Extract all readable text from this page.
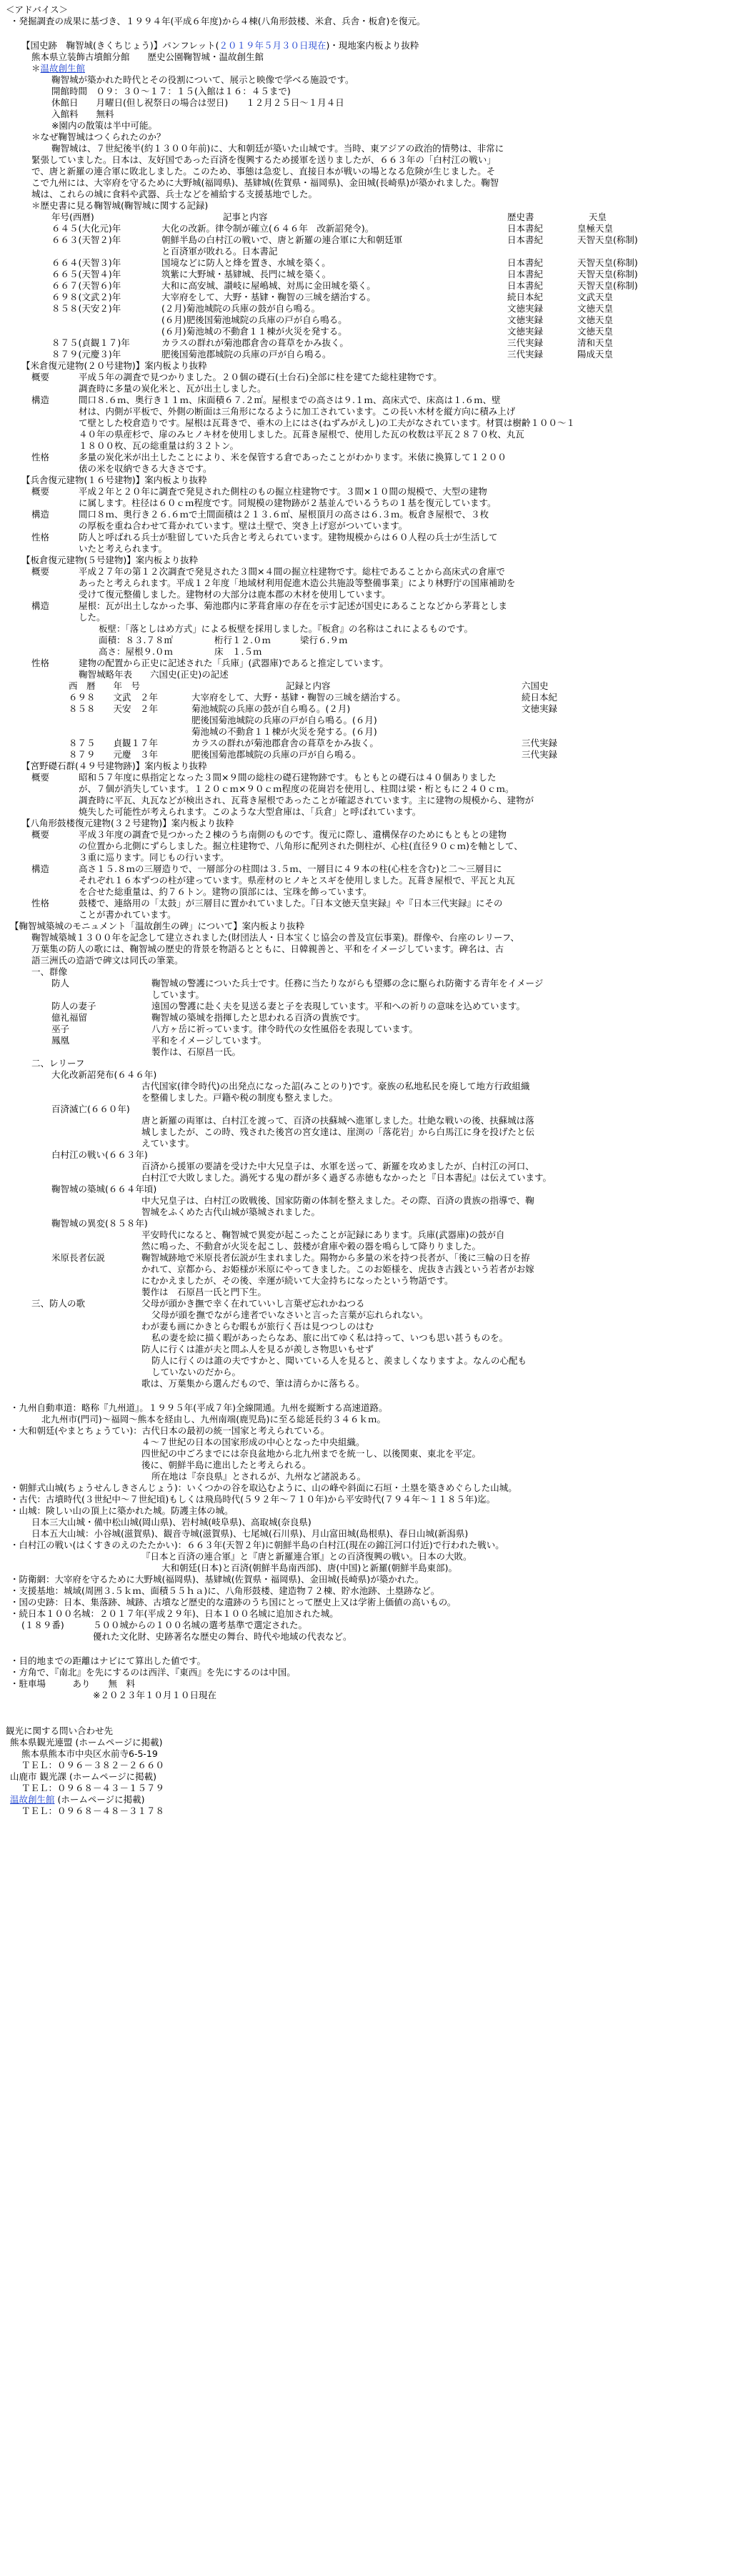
＜アドバイス＞
・発掘調査の成果に基づき、１９９４年(平成６年度)から４棟(八角形鼓楼、米倉、兵舎・板倉)を復元。
【国史跡　鞠智城(きくちじょう)】パンフレット(２０１９年５月３０日現在)・現地案内板より抜粋
熊本県立装飾古墳館分館　　歴史公園鞠智城・温故創生館
＊温故創生館
鞠智城が築かれた時代とその役割について、展示と映像で学べる施設です。
開館時間　０９：３０～１７：１５(入館は１６：４５まで)
休館日　　月曜日(但し祝祭日の場合は翌日)　　１２月２５日～１月４日
入館料　　無料
※園内の散策は半中可能。
＊なぜ鞠智城はつくられたのか？
鞠智城は、７世紀後半(約１３００年前)に、大和朝廷が築いた山城です。当時、東アジアの政治的情勢は、非常に
緊張していました。日本は、友好国であった百済を復興するため援軍を送りましたが、６６３年の「白村江の戦い」
で、唐と新羅の連合軍に敗北しました。このため、事態は急変し、直接日本が戦いの場となる危険が生じました。そ
こで九州には、大宰府を守るために大野城(福岡県)、基肄城(佐賀県・福岡県)、金田城(長崎県)が築かれました。鞠智
城は、これらの城に食料や武器、兵士などを補給する支援基地でした。
＊歴史書に見る鞠智城(鞠智城に関する記録)
年号(西暦)	記事と内容	歴史書	天皇
６４５(大化元)年	大化の改新。律令制が確立(６４６年　改新詔発令)。	日本書紀	皇極天皇
６６３(天智２)年	朝鮮半島の白村江の戦いで、唐と新羅の連合軍に大和朝廷軍	日本書紀	天智天皇(称制)
と百済軍が敗れる。日本書記
６６４(天智３)年	国境などに防人と烽を置き、水城を築く。	日本書紀	天智天皇(称制)
６６５(天智４)年	筑紫に大野城・基肄城、長門に城を築く。	日本書紀	天智天皇(称制)
６６７(天智６)年	大和に高安城、讃岐に屋嶋城、対馬に金田城を築く。	日本書紀	天智天皇(称制)
６９８(文武２)年	大宰府をして、大野・基肄・鞠智の三城を繕治する。	続日本紀	文武天皇
８５８(天安２)年	(２月)菊池城院の兵庫の鼓が自ら鳴る。	文徳実録	文徳天皇
(６月)肥後国菊池城院の兵庫の戸が自ら鳴る。	文徳実録	文徳天皇
(６月)菊池城の不動倉１１棟が火災を発する。	文徳実録	文徳天皇
８７５(貞観１７)年	カラスの群れが菊池郡倉舎の葺草をかみ抜く。	三代実録	清和天皇
８７９(元慶３)年	肥後国菊池郡城院の兵庫の戸が自ら鳴る。	三代実録	陽成天皇
【米倉復元建物(２０号建物)】案内板より抜粋
概要	平成５年の調査で見つかりました。２０個の礎石(土台石)全部に柱を建てた総柱建物です。
調査時に多量の炭化米と、瓦が出土しました。
構造	間口８.６ｍ、奥行き１１ｍ、床面積６７.２㎡。屋根までの高さは９.１ｍ、高床式で、床高は１.６ｍ、壁
材は、内側が平板で、外側の断面は三角形になるように加工されています。この長い木材を縦方向に積み上げ
て壁とした校倉造りです。屋根は瓦葺きで、垂木の上にはさ(ねずみがえし)の工夫がなされています。材質は樹齢１００～１
４０年の県産杉で、扉のみヒノキ材を使用しました。瓦葺き屋根で、使用した瓦の枚数は平瓦２８７０枚、丸瓦
１８００枚、瓦の総重量は約３２トン。
性格	多量の炭化米が出土したことにより、米を保管する倉であったことがわかります。米俵に換算して１２００
俵の米を収納できる大きさです。
【兵舎復元建物(１６号建物)】案内板より抜粋
概要	平成２年と２０年に調査で発見された側柱のもの掘立柱建物です。３間×１０間の規模で、大型の建物
に属します。柱径は６０ｃｍ程度です。同規模の建物跡が２基並んでいるうちの１基を復元しています。
構造	間口８ｍ、奥行き２６.６ｍで土間面積は２１３.６㎡、屋根頂月の高さは６.３ｍ。板倉き屋根で、３枚
の厚板を重ね合わせて葺かれています。壁は土壁で、突き上げ窓がついています。
性格	防人と呼ばれる兵士が駐留していた兵舎と考えられています。建物規模からは６０人程の兵士が生活して
いたと考えられます。
【板倉復元建物(５号建物)】案内板より抜粋
概要	平成２７年の第１２次調査で発見された３間×４間の掘立柱建物です。総柱であることから高床式の倉庫で
あったと考えられます。平成１２年度「地域材利用促進木造公共施設等整備事業」により林野庁の国庫補助を
受けて復元整備しました。建物材の大部分は鹿本郡の木材を使用しています。
構造	屋根：瓦が出土しなかった事、菊池郡内に茅葺倉庫の存在を示す記述が国史にあることなどから茅葺としま
した。
板壁：「落としはめ方式」による板壁を採用しました。『板倉』の名称はこれによるものです。
面積：８３.７８㎡	桁行１２.０ｍ	梁行６.９ｍ
高さ：屋根９.０ｍ	床　１.５ｍ
性格	建物の配置から正史に記述された「兵庫」(武器庫)であると推定しています。
鞠智城略年表　　六国史(正史)の記述
西　暦　　年　号	記録と内容	六国史
６９８　　文武　２年	大宰府をして、大野・基肄・鞠智の三城を繕治する。	続日本紀
８５８　　天安　２年	菊池城院の兵庫の鼓が自ら鳴る。(２月)	文徳実録
肥後国菊池城院の兵庫の戸が自ら鳴る。(６月)
菊池城の不動倉１１棟が火災を発する。(６月)
８７５　　貞観１７年	カラスの群れが菊池郡倉舎の葺草をかみ抜く。	三代実録
８７９　　元慶　３年	肥後国菊池郡城院の兵庫の戸が自ら鳴る。	三代実録
【宮野礎石群(４９号建物跡)】案内板より抜粋
概要	昭和５７年度に県指定となった３間×９間の総柱の礎石建物跡です。もともとの礎石は４０個ありました
が、７個が消失しています。１２０ｃｍ×９０ｃｍ程度の花崗岩を使用し、柱間は梁・桁ともに２４０ｃｍ。
調査時に平瓦、丸瓦などが検出され、瓦葺き屋根であったことが確認されています。主に建物の規模から、建物が
焼失した可能性が考えられます。このような大型倉庫は、「兵倉」と呼ばれています。
【八角形鼓楼復元建物(３２号建物)】案内板より抜粋
概要	平成３年度の調査で見つかった２棟のうち南側のものです。復元に際し、遺構保存のためにもともとの建物
の位置から北側にずらしました。掘立柱建物で、八角形に配列された側柱が、心柱(直径９０ｃｍ)を軸として、
３重に巡ります。同じもの行います。
構造	高さ１５.８ｍの三層造りで、一層部分の柱間は３.５ｍ、一層目に４９本の柱(心柱を含む)と二～三層目に
それぞれ１６本ずつの柱が建っています。県産材のヒノキとスギを使用しました。瓦葺き屋根で、平瓦と丸瓦
を合せた総重量は、約７６トン。建物の頂部には、宝珠を飾っています。
性格	鼓楼で、連絡用の「太鼓」が三層目に置かれていました。『日本文徳天皇実録』や『日本三代実録』にその
ことが書かれています。
【鞠智城築城のモニュメント「温故創生の碑」について】案内板より抜粋
鞠智城築城１３００年を記念して建立されました(財団法人・日本宝くじ協会の普及宣伝事業)。群像や、台座のレリーフ、
万葉集の防人の歌には、鞠智城の歴史的背景を物語るとともに、日韓親善と、平和をイメージしています。碑名は、古
語三洲氏の造語で碑文は同氏の筆業。
一、群像
防人	鞠智城の警護についた兵士です。任務に当たりながらも望郷の念に駆られ防衛する青年をイメージ
しています。
防人の妻子	遠国の警護に赴く夫を見送る妻と子を表現しています。平和への祈りの意味を込めています。
億礼福留	鞠智城の築城を指揮したと思われる百済の貴族です。
巫子	八方ヶ岳に祈っています。律令時代の女性風俗を表現しています。
鳳凰	平和をイメージしています。
製作は、石原昌一氏。
二、レリーフ
大化改新詔発布(６４６年)
古代国家(律令時代)の出発点になった詔(みことのり)です。豪族の私地私民を廃して地方行政組織
を整備しました。戸籍や税の制度も整えました。
百済滅亡(６６０年)
唐と新羅の両軍は、白村江を渡って、百済の扶蘇城へ進軍しました。壮絶な戦いの後、扶蘇城は落
城しましたが、この時、残された後宮の宮女達は、崖渕の「落花岩」から白馬江に身を投げたと伝
えています。
白村江の戦い(６６３年)
百済から援軍の要請を受けた中大兄皇子は、水軍を送って、新羅を攻めましたが、白村江の河口、
白村江で大敗しました。渦死する鬼の群が多く過ぎる赤徳もなかったと『日本書紀』は伝えています。
鞠智城の築城(６６４年頃)
中大兄皇子は、白村江の敗戦後、国家防衛の体制を整えました。その際、百済の貴族の指導で、鞠
智城をふくめた古代山城が築城されました。
鞠智城の異変(８５８年)
平安時代になると、鞠智城で異変が起こったことが記録にあります。兵庫(武器庫)の鼓が自
然に鳴った、不動倉が火災を起こし、鼓楼が倉庫や穀の器を鳴らして降りりました。
米原長者伝説	鞠智城跡地で米原長者伝説が生まれました。陽物から多量の米を持つ長者が、「後に三輪の日を拵
かれて、京都から、お姫様が米原にやってきました。このお姫様を、虎抜き古銭という若者がお嫁
にむかえましたが、その後、幸運が続いて大金持ちになったという物語です。
製作は　石原昌一氏と門下生。
三、防人の歌	父母が頭かき撫で幸く在れていいし言葉ぜ忘れかねつる
父母が頭を撫でながら達者でいなさいと言った言葉が忘れられない。
わが妻も画にかきとらむ暇もが旅行く吾は見つつしのはむ
私の妻を絵に描く暇があったらなあ、旅に出てゆく私は持って、いつも思い甚うものを。
防人に行くは誰が夫と問ふ人を見るが羨しさ物思いもせず
防人に行くのは誰の夫ですかと、聞いている人を見ると、羨ましくなりますよ。なんの心配も
していないのだから。
歌は、万葉集から選んだもので、筆は清らかに落ちる。
・九州自動車道：略称『九州道』。１９９５年(平成７年)全線開通。九州を縦断する高速道路。
北九州市(門司)～福岡～熊本を経由し、九州南端(鹿児島)に至る総延長約３４６ｋｍ。
・大和朝廷(やまとちょうてい)：古代日本の最初の統一国家と考えられている。
４～７世紀の日本の国家形成の中心となった中央組織。
四世紀の中ごろまでには奈良盆地から北九州までを統一し、以後関東、東北を平定。
後に、朝鮮半島に進出したと考えられる。
所在地は『奈良県』とされるが、九州など諸説ある。
・朝鮮式山城(ちょうせんしきさんじょう)：いくつかの谷を取込むように、山の峰や斜面に石垣・土塁を築きめぐらした山城。
・古代：古墳時代(３世紀中～７世紀頃)もしくは飛鳥時代(５９２年～７１０年)から平安時代(７９４年～１１８５年)迄。
・山城：険しい山の頂上に築かれた城。防護主体の城。
日本三大山城・備中松山城(岡山県)、岩村城(岐阜県)、高取城(奈良県)
日本五大山城：小谷城(滋賀県)、観音寺城(滋賀県)、七尾城(石川県)、月山富田城(島根県)、春日山城(新潟県)
・白村江の戦い(はくすきのえのたたかい)：６６３年(天智２年)に朝鮮半島の白村江(現在の錦江河口付近)で行われた戦い。
『日本と百済の連合軍』と『唐と新羅連合軍』との百済復興の戦い。日本の大敗。
大和朝廷(日本)と百済(朝鮮半島南西部)、唐(中国)と新羅(朝鮮半島東部)。
・防衛網：大宰府を守るために大野城(福岡県)、基肄城(佐賀県・福岡県)、金田城(長崎県)が築かれた。
・支援基地：城域(周囲３.５ｋｍ、面積５５ｈａ)に、八角形鼓楼、建造物７２棟、貯水池跡、土塁跡など。
・国の史跡：日本、集落跡、城跡、古墳など歴史的な遺跡のうち国にとって歴史上又は学術上価値の高いもの。
・続日本１００名城：２０１７年(平成２９年)、日本１００名城に追加された城。
(１８９番)	５００城からの１００名城の選考基準で選定された。
優れた文化財、史跡著名な歴史の舞台、時代や地域の代表など。
・目的地までの距離はナビにて算出した値です。
・方角で、『南北』を先にするのは西洋、『東西』を先にするのは中国。
・駐車場　　　あり　　無　料
※２０２３年１０月１０日現在
観光に関する問い合わせ先
熊本県観光連盟 (ホームページに掲載)
熊本県熊本市中央区水前寺6-5-19
ＴＥＬ：０９６－３８２－２６６０
山鹿市 観光課 (ホームページに掲載)
ＴＥＬ：０９６８－４３－１５７９
温故創生館 (ホームページに掲載)
ＴＥＬ：０９６８－４８－３１７８
